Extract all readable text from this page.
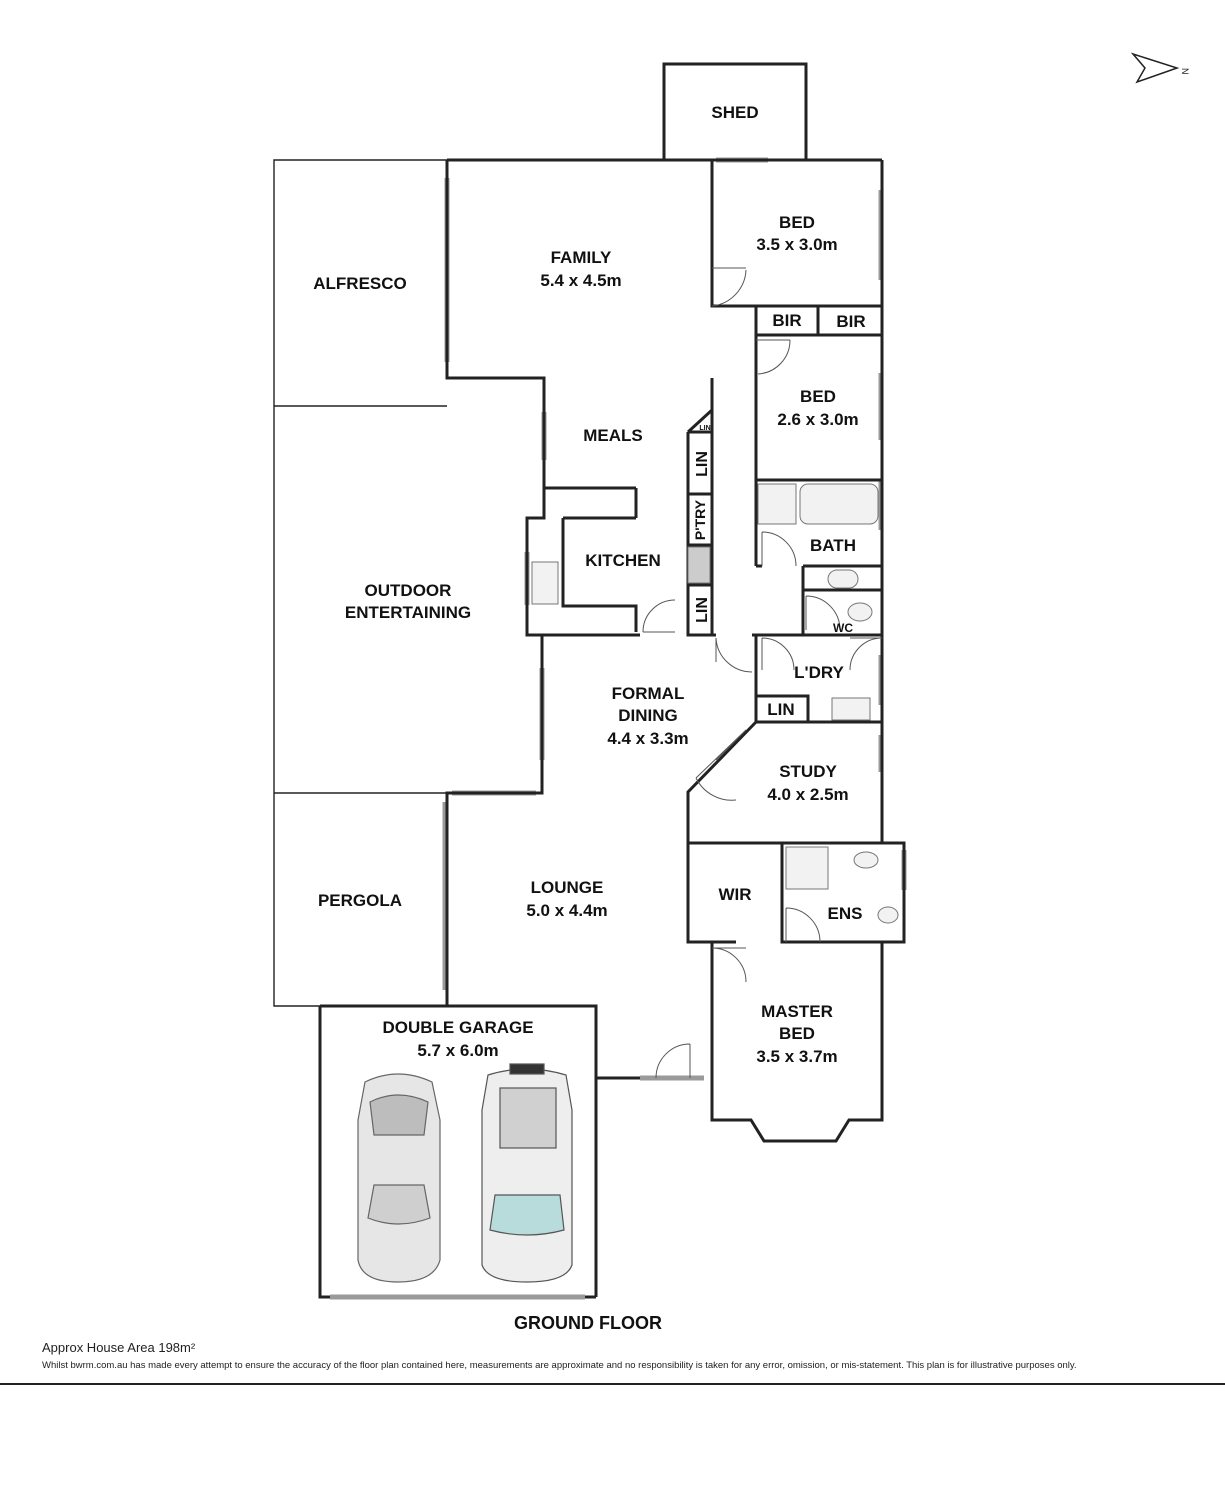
N
SHED
ALFRESCO
FAMILY
5.4 x 4.5m
BED
3.5 x 3.0m
BIR BIR
BED
2.6 x 3.0m
MEALS	LIN
LIN
P'TRY
LIN
KITCHEN
BATH
WC
OUTDOOR
ENTERTAINING
L'DRY
LIN
FORMAL
DINING
4.4 x 3.3m
STUDY
4.0 x 2.5m
PERGOLA
LOUNGE
5.0 x 4.4m
WIR
ENS
DOUBLE GARAGE
5.7 x 6.0m
MASTER
BED
3.5 x 3.7m
GROUND FLOOR
Approx House Area 198m²
Whilst bwrm.com.au has made every attempt to ensure the accuracy of the floor plan contained here, measurements are approximate and no responsibility is taken for any error, omission, or mis-statement. This plan is for illustrative purposes only.
